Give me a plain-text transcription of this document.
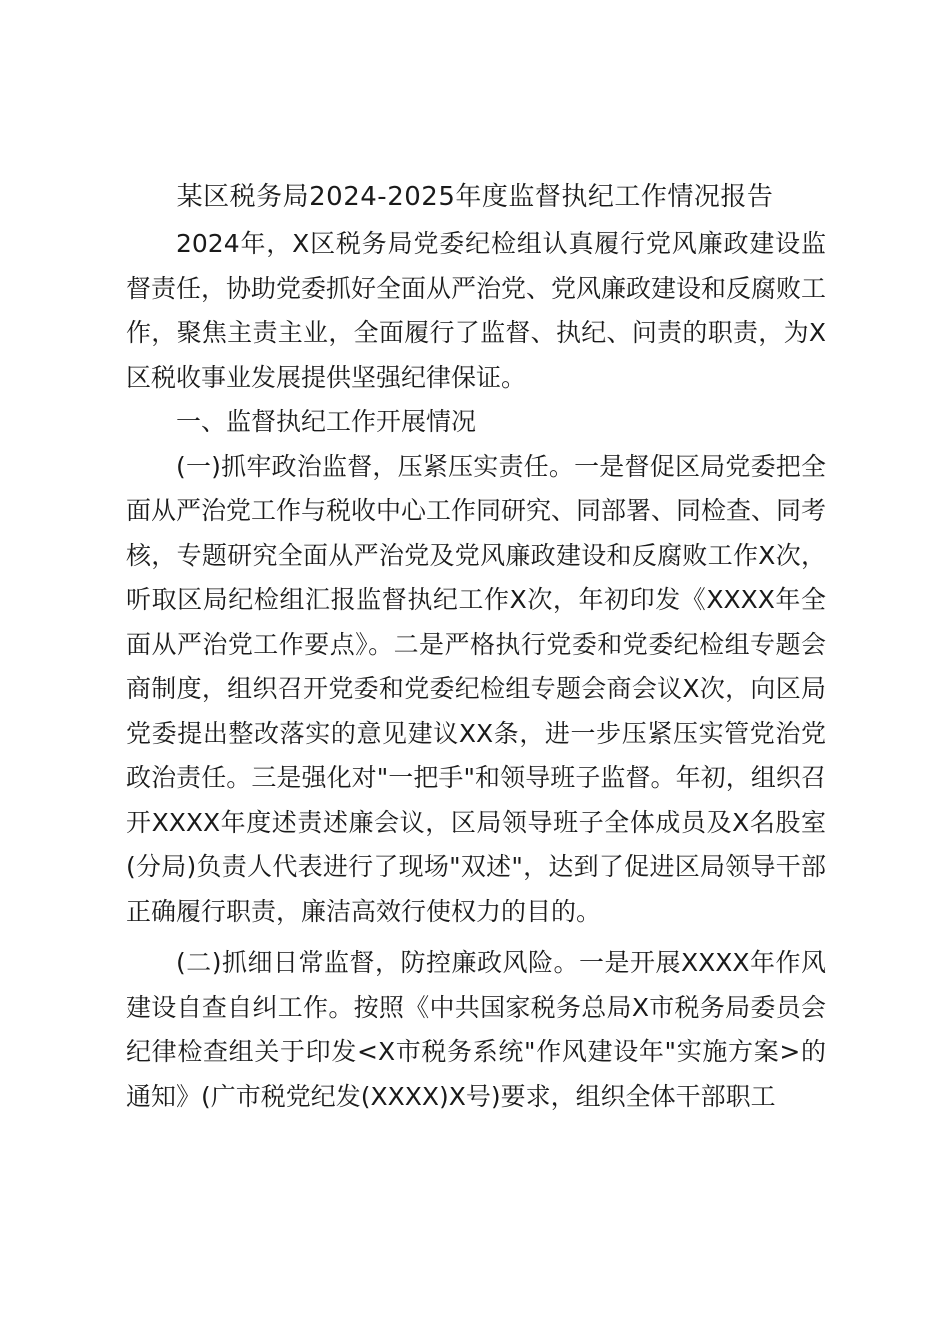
某区税务局2024-2025年度监督执纪工作情况报告

2024年，X区税务局党委纪检组认真履行党风廉政建设监督责任，协助党委抓好全面从严治党、党风廉政建设和反腐败工作，聚焦主责主业，全面履行了监督、执纪、问责的职责，为X区税收事业发展提供坚强纪律保证。

一、监督执纪工作开展情况

(一)抓牢政治监督，压紧压实责任。一是督促区局党委把全面从严治党工作与税收中心工作同研究、同部署、同检查、同考核，专题研究全面从严治党及党风廉政建设和反腐败工作X次，听取区局纪检组汇报监督执纪工作X次，年初印发《XXXX年全面从严治党工作要点》。二是严格执行党委和党委纪检组专题会商制度，组织召开党委和党委纪检组专题会商会议X次，向区局党委提出整改落实的意见建议XX条，进一步压紧压实管党治党政治责任。三是强化对"一把手"和领导班子监督。年初，组织召开XXXX年度述责述廉会议，区局领导班子全体成员及X名股室(分局)负责人代表进行了现场"双述"，达到了促进区局领导干部正确履行职责，廉洁高效行使权力的目的。

(二)抓细日常监督，防控廉政风险。一是开展XXXX年作风建设自查自纠工作。按照《中共国家税务总局X市税务局委员会纪律检查组关于印发<X市税务系统"作风建设年"实施方案>的通知》(广市税党纪发(XXXX)X号)要求，组织全体干部职工
